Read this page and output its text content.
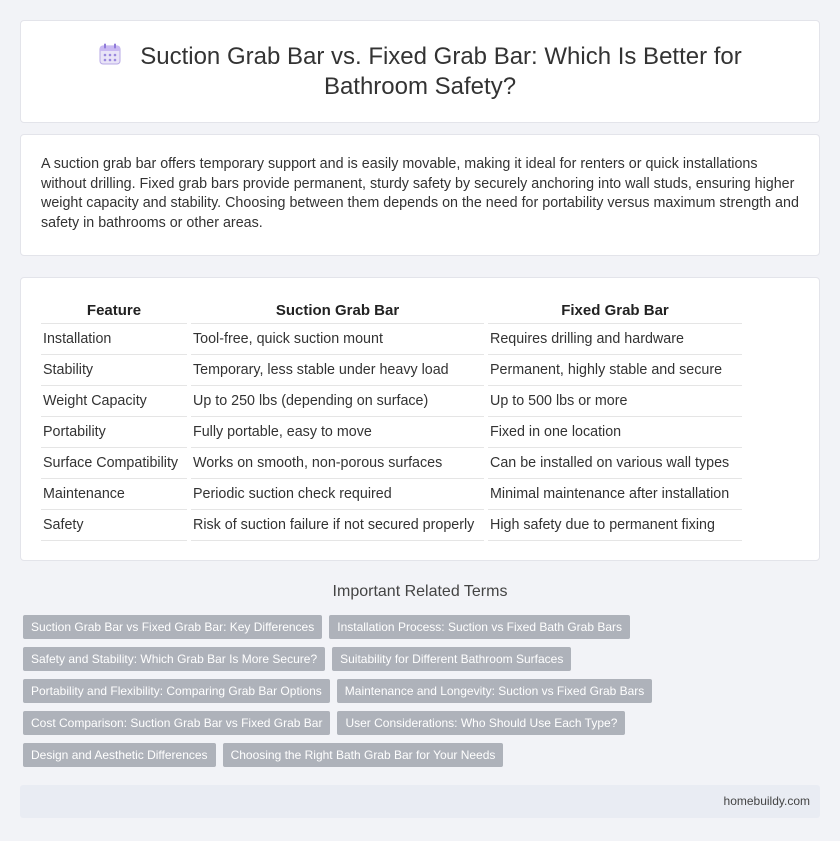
Suction Grab Bar vs. Fixed Grab Bar: Which Is Better for Bathroom Safety?

A suction grab bar offers temporary support and is easily movable, making it ideal for renters or quick installations without drilling. Fixed grab bars provide permanent, sturdy safety by securely anchoring into wall studs, ensuring higher weight capacity and stability. Choosing between them depends on the need for portability versus maximum strength and safety in bathrooms or other areas.

Feature	Suction Grab Bar	Fixed Grab Bar
Installation	Tool-free, quick suction mount	Requires drilling and hardware
Stability	Temporary, less stable under heavy load	Permanent, highly stable and secure
Weight Capacity	Up to 250 lbs (depending on surface)	Up to 500 lbs or more
Portability	Fully portable, easy to move	Fixed in one location
Surface Compatibility	Works on smooth, non-porous surfaces	Can be installed on various wall types
Maintenance	Periodic suction check required	Minimal maintenance after installation
Safety	Risk of suction failure if not secured properly	High safety due to permanent fixing
Important Related Terms
Suction Grab Bar vs Fixed Grab Bar: Key Differences	Installation Process: Suction vs Fixed Bath Grab Bars
Safety and Stability: Which Grab Bar Is More Secure?	Suitability for Different Bathroom Surfaces
Portability and Flexibility: Comparing Grab Bar Options	Maintenance and Longevity: Suction vs Fixed Grab Bars
Cost Comparison: Suction Grab Bar vs Fixed Grab Bar	User Considerations: Who Should Use Each Type?
Design and Aesthetic Differences	Choosing the Right Bath Grab Bar for Your Needs
homebuildy.com
